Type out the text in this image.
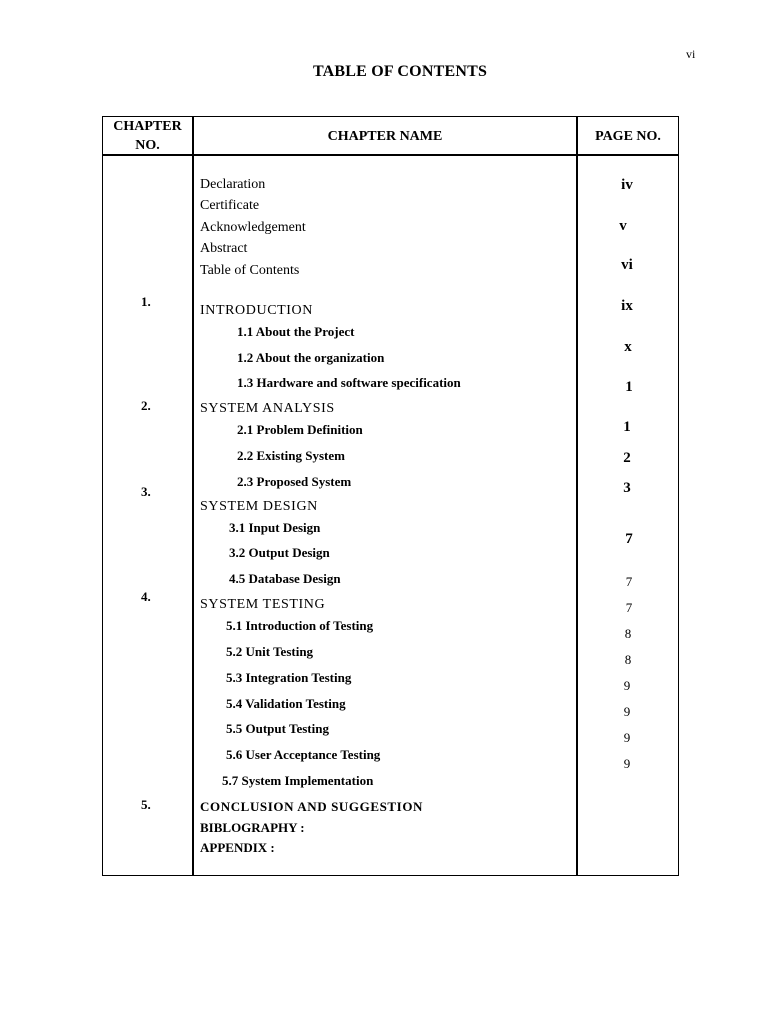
vi
TABLE OF CONTENTS
CHAPTER
NO.
CHAPTER NAME	PAGE NO.
1.
2.
3.
4.
5.
Declaration
Certificate
Acknowledgement
Abstract
Table of Contents
INTRODUCTION
1.1 About the Project
1.2 About the organization
1.3 Hardware and software specification
SYSTEM ANALYSIS
2.1 Problem Definition
2.2 Existing System
2.3 Proposed System
SYSTEM DESIGN
3.1 Input Design
3.2 Output Design
4.5 Database Design
SYSTEM TESTING
5.1 Introduction of Testing
5.2 Unit Testing
5.3 Integration Testing
5.4 Validation Testing
5.5 Output Testing
5.6 User Acceptance Testing
5.7 System Implementation
CONCLUSION AND SUGGESTION
BIBLOGRAPHY :
APPENDIX :
iv
v
vi
ix
x
1
1
2
3
7
7
7
8
8
9
9
9
9
